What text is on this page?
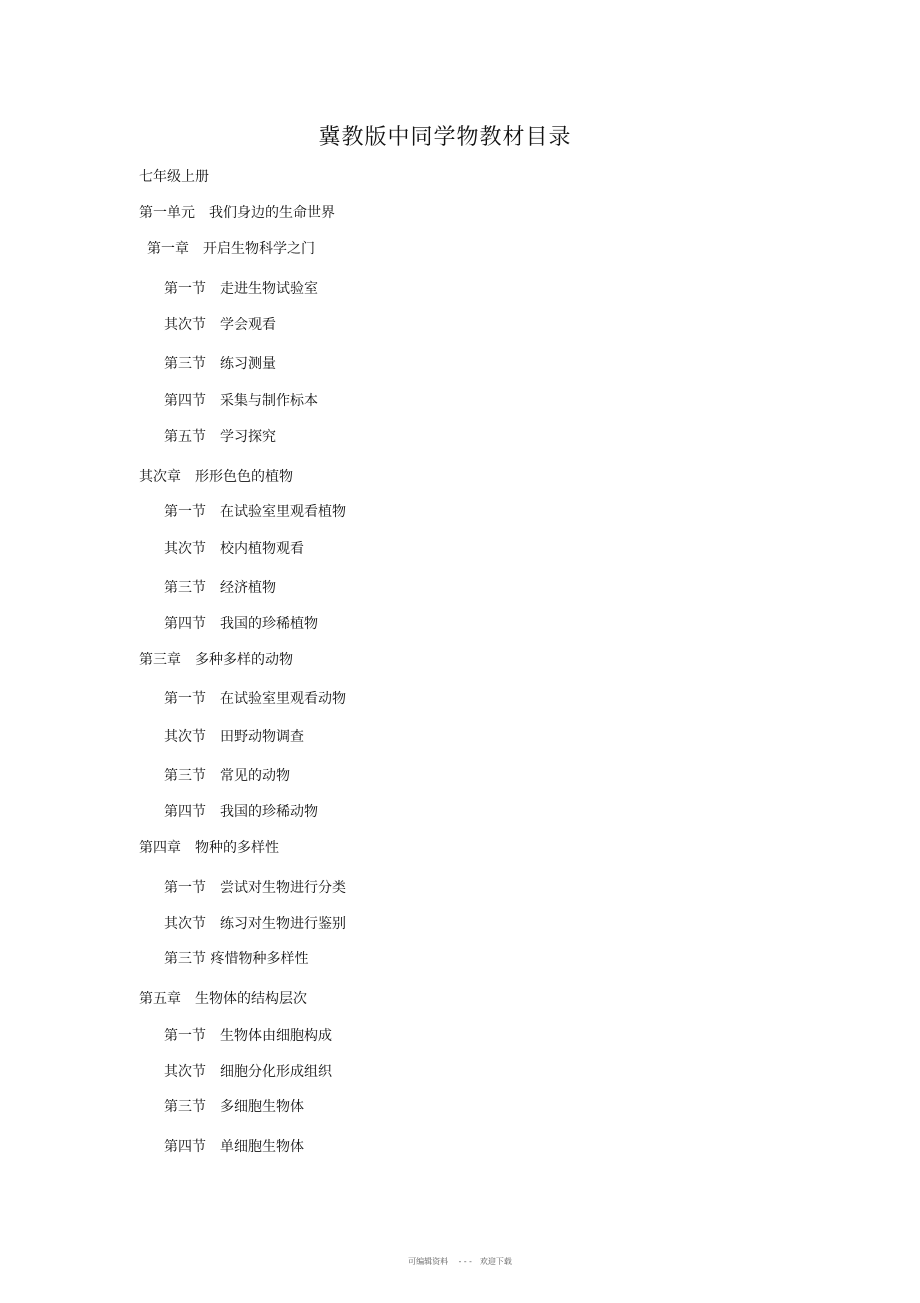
冀教版中同学物教材目录
七年级上册
第一单元　我们身边的生命世界
第一章　开启生物科学之门
第一节　走进生物试验室
其次节　学会观看
第三节　练习测量
第四节　采集与制作标本
第五节　学习探究
其次章　形形色色的植物
第一节　在试验室里观看植物
其次节　校内植物观看
第三节　经济植物
第四节　我国的珍稀植物
第三章　多种多样的动物
第一节　在试验室里观看动物
其次节　田野动物调查
第三节　常见的动物
第四节　我国的珍稀动物
第四章　物种的多样性
第一节　尝试对生物进行分类
其次节　练习对生物进行鉴别
第三节 疼惜物种多样性
第五章　生物体的结构层次
第一节　生物体由细胞构成
其次节　细胞分化形成组织
第三节　多细胞生物体
第四节　单细胞生物体
可编辑资料　 - - -　欢迎下载
